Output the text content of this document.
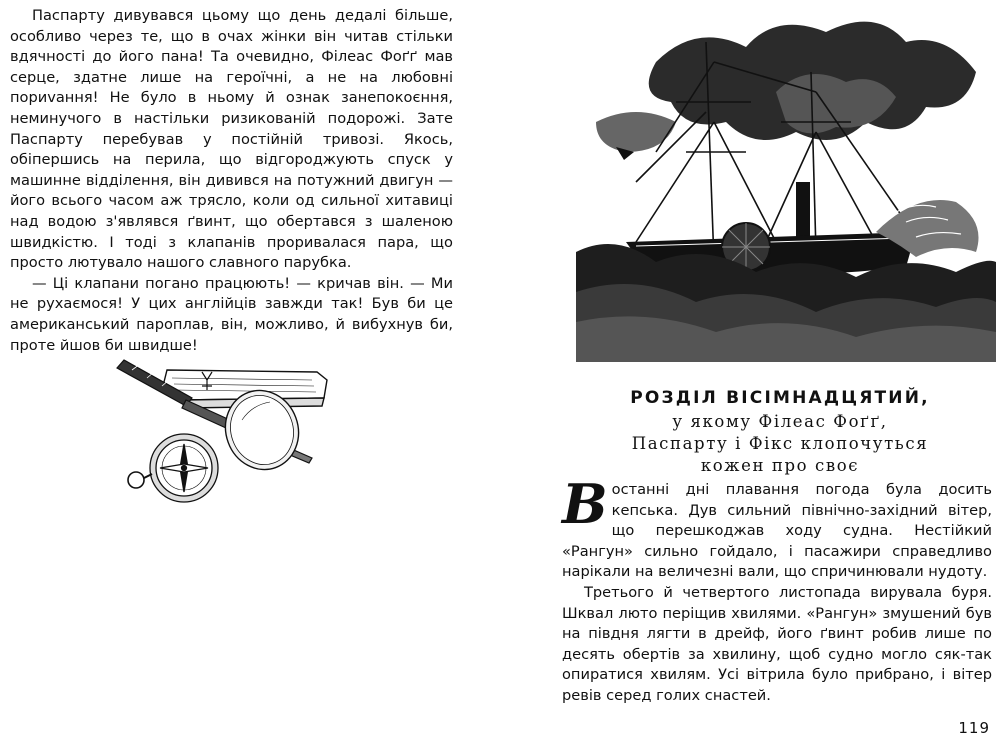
Паспарту дивувався цьому що день дедалі більше, особливо через те, що в очах жінки він читав стільки вдячності до його пана! Та очевидно, Філеас Фоґґ мав серце, здатне лише на героїчні, а не на любовні пориvання! Не було в ньому й ознак занепокоєння, неминучого в настільки ризикованій подорожі. Зате Паспарту перебував у постійній тривозі. Якось, обіпершись на перила, що відгороджують спуск у машинне відділення, він дивився на потужний двигун — його всього часом аж трясло, коли од сильної хитавиці над водою з'являвся ґвинт, що обертався з шаленою швидкістю. І тоді з клапанів проривалася пара, що просто лютувало нашого славного парубка.

— Ці клапани погано працюють! — кричав він. — Ми не рухаємося! У цих англійців завжди так! Був би це американський пароплав, він, можливо, й вибухнув би, проте йшов би швидше!

РОЗДІЛ ВІСІМНАДЦЯТИЙ,

у якому Філеас Фоґґ,

Паспарту і Фікс клопочуться

кожен про своє

Востанні дні плавання погода була досить кепська. Дув сильний північно-західний вітер, що перешкоджав ходу судна. Нестійкий «Рангун» сильно гойдало, і пасажири справедливо нарікали на величезні вали, що спричинювали нудоту.

Третього й четвертого листопада вирувала буря. Шквал люто періщив хвилями. «Рангун» змушений був на півдня лягти в дрейф, його ґвинт робив лише по десять обертів за хвилину, щоб судно могло сяк-так опиратися хвилям. Усі вітрила було прибрано, і вітер ревів серед голих снастей.

119
